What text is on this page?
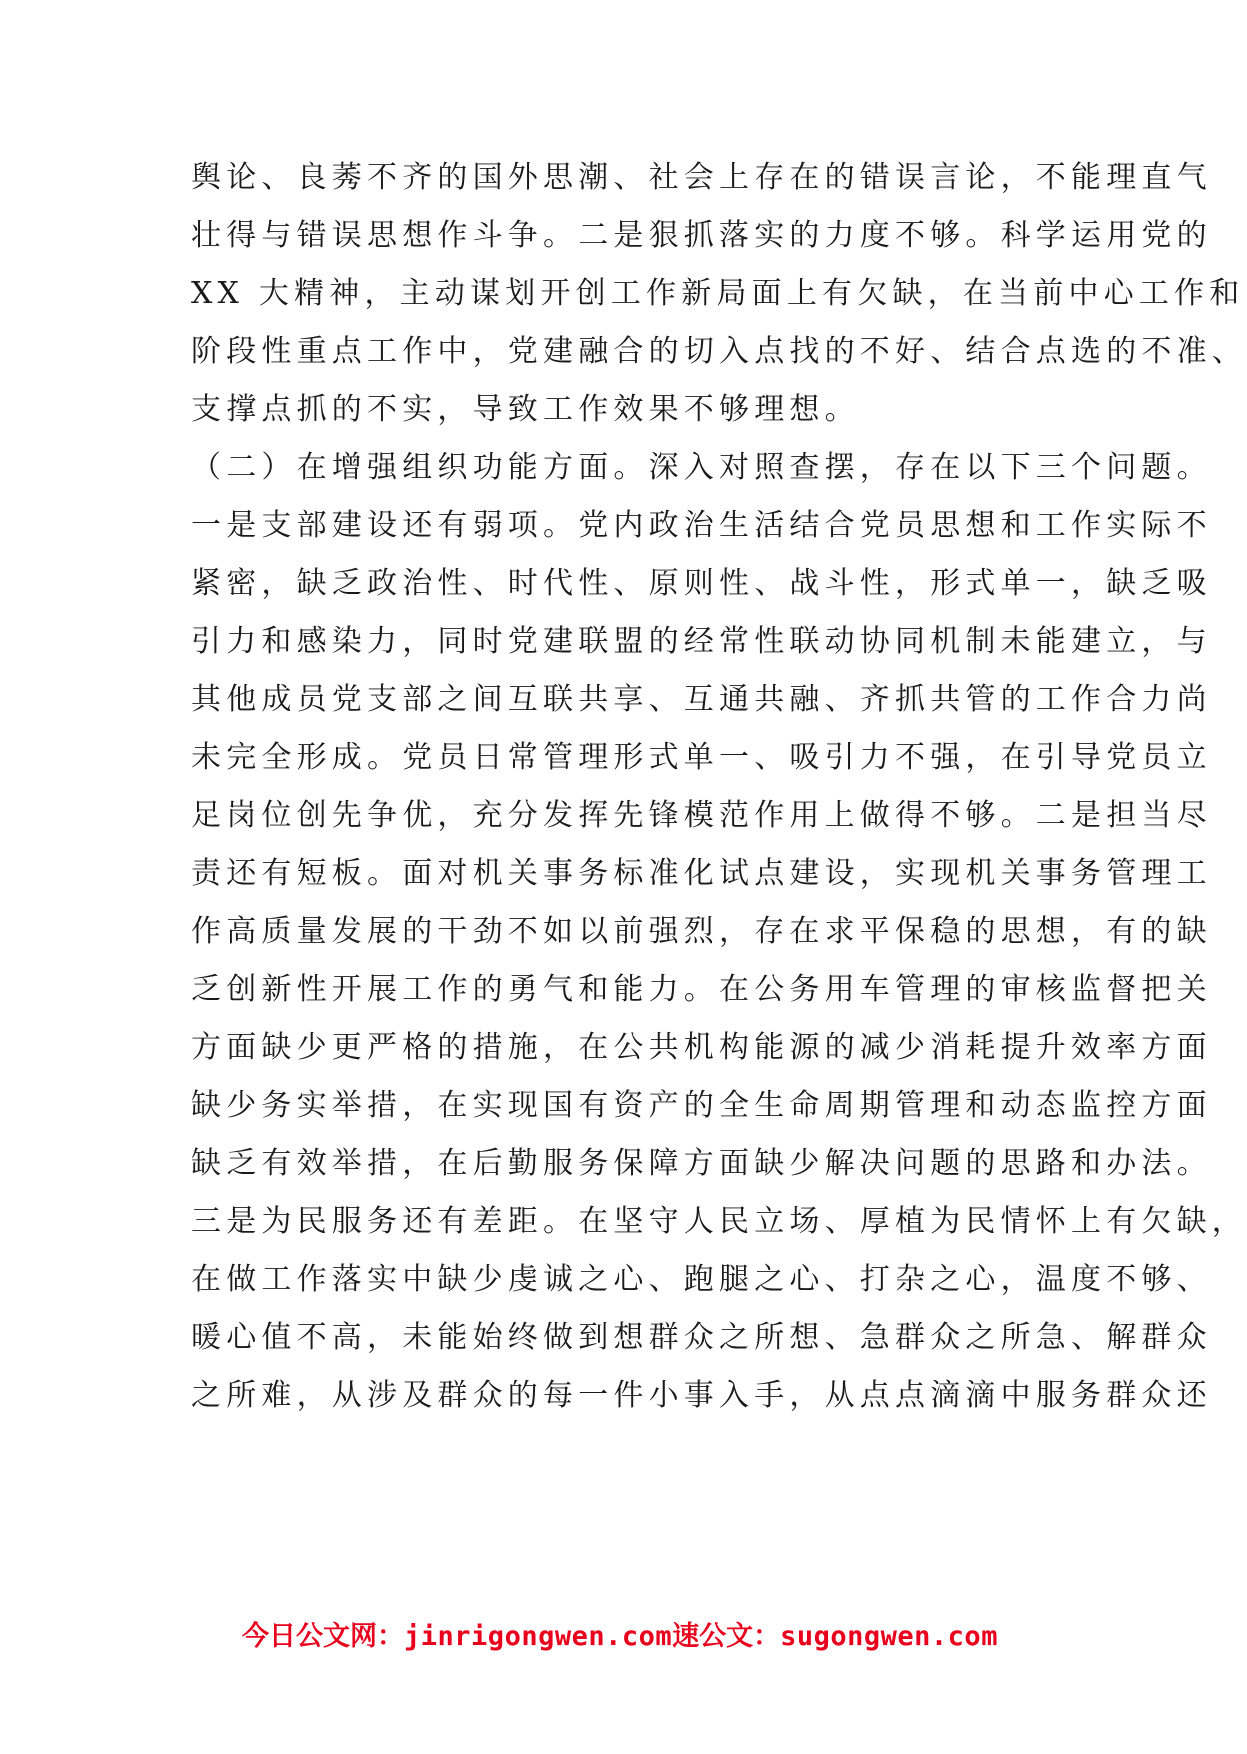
舆论、良莠不齐的国外思潮、社会上存在的错误言论，不能理直气
壮得与错误思想作斗争。二是狠抓落实的力度不够。科学运用党的
XX 大精神，主动谋划开创工作新局面上有欠缺，在当前中心工作和
阶段性重点工作中，党建融合的切入点找的不好、结合点选的不准、
支撑点抓的不实，导致工作效果不够理想。
（二）在增强组织功能方面。深入对照查摆，存在以下三个问题。
一是支部建设还有弱项。党内政治生活结合党员思想和工作实际不
紧密，缺乏政治性、时代性、原则性、战斗性，形式单一，缺乏吸
引力和感染力，同时党建联盟的经常性联动协同机制未能建立，与
其他成员党支部之间互联共享、互通共融、齐抓共管的工作合力尚
未完全形成。党员日常管理形式单一、吸引力不强，在引导党员立
足岗位创先争优，充分发挥先锋模范作用上做得不够。二是担当尽
责还有短板。面对机关事务标准化试点建设，实现机关事务管理工
作高质量发展的干劲不如以前强烈，存在求平保稳的思想，有的缺
乏创新性开展工作的勇气和能力。在公务用车管理的审核监督把关
方面缺少更严格的措施，在公共机构能源的减少消耗提升效率方面
缺少务实举措，在实现国有资产的全生命周期管理和动态监控方面
缺乏有效举措，在后勤服务保障方面缺少解决问题的思路和办法。
三是为民服务还有差距。在坚守人民立场、厚植为民情怀上有欠缺，
在做工作落实中缺少虔诚之心、跑腿之心、打杂之心，温度不够、
暖心值不高，未能始终做到想群众之所想、急群众之所急、解群众
之所难，从涉及群众的每一件小事入手，从点点滴滴中服务群众还
今日公文网：jinrigongwen.com速公文：sugongwen.com
